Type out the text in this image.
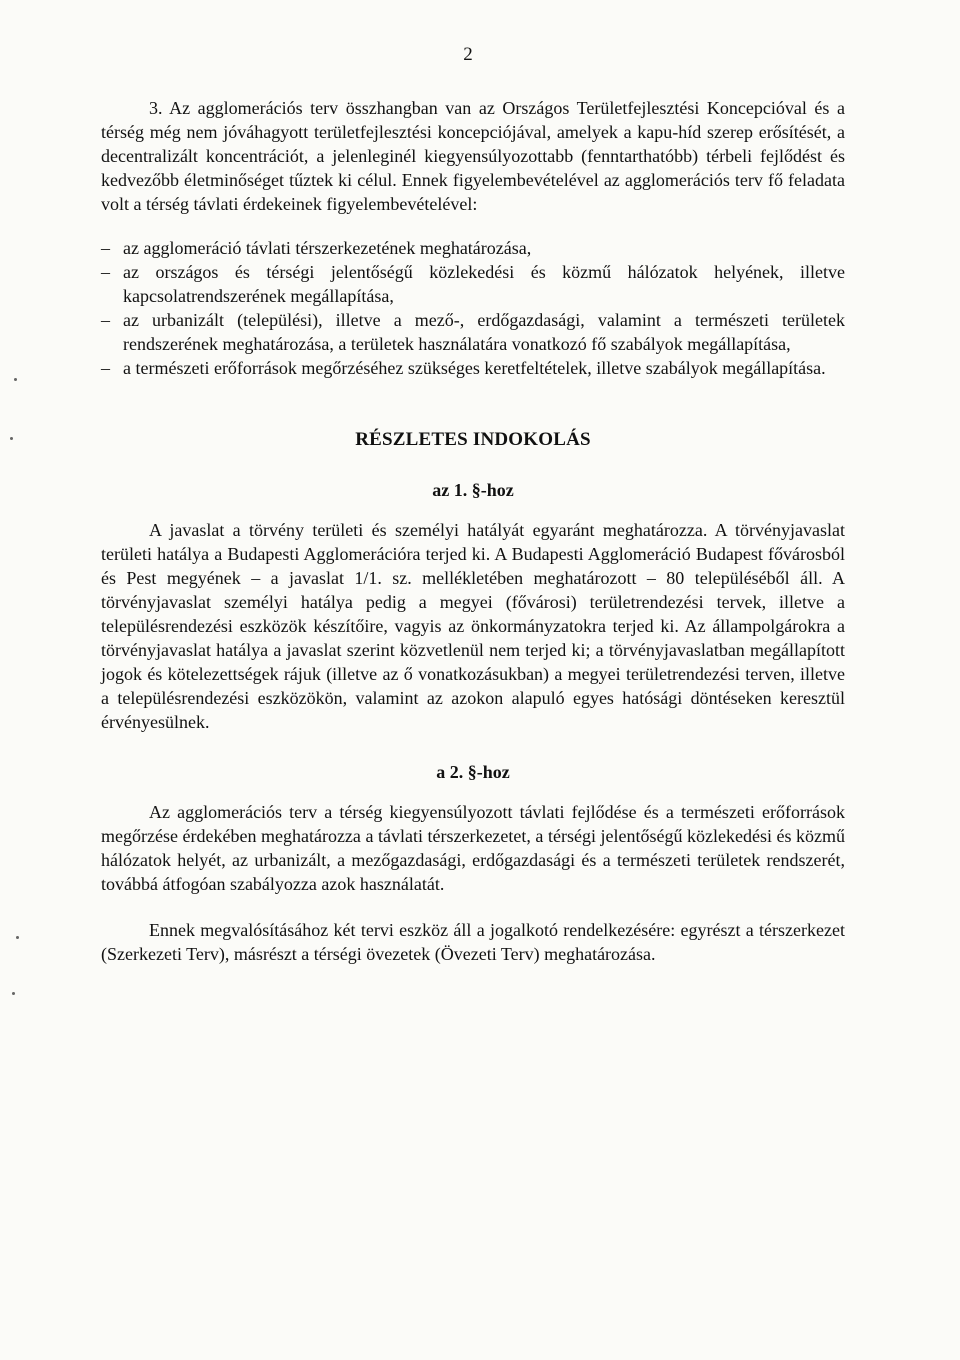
2

3. Az agglomerációs terv összhangban van az Országos Területfejlesztési Koncepcióval és a térség még nem jóváhagyott területfejlesztési koncepciójával, amelyek a kapu-híd szerep erősítését, a decentralizált koncentrációt, a jelenleginél kiegyensúlyozottabb (fenntarthatóbb) térbeli fejlődést és kedvezőbb életminőséget tűztek ki célul. Ennek figyelembevételével az agglomerációs terv fő feladata volt a térség távlati érdekeinek figyelembevételével:

– az agglomeráció távlati térszerkezetének meghatározása,
– az országos és térségi jelentőségű közlekedési és közmű hálózatok helyének, illetve kapcsolatrendszerének megállapítása,
– az urbanizált (települési), illetve a mező-, erdőgazdasági, valamint a természeti területek rendszerének meghatározása, a területek használatára vonatkozó fő szabályok megállapítása,
– a természeti erőforrások megőrzéséhez szükséges keretfeltételek, illetve szabályok megállapítása.
RÉSZLETES INDOKOLÁS
az 1. §-hoz

A javaslat a törvény területi és személyi hatályát egyaránt meghatározza. A törvényjavaslat területi hatálya a Budapesti Agglomerációra terjed ki. A Budapesti Agglomeráció Budapest fővárosból és Pest megyének – a javaslat 1/1. sz. mellékletében meghatározott – 80 településéből áll. A törvényjavaslat személyi hatálya pedig a megyei (fővárosi) területrendezési tervek, illetve a településrendezési eszközök készítőire, vagyis az önkormányzatokra terjed ki. Az állampolgárokra a törvényjavaslat hatálya a javaslat szerint közvetlenül nem terjed ki; a törvényjavaslatban megállapított jogok és kötelezettségek rájuk (illetve az ő vonatkozásukban) a megyei területrendezési terven, illetve a településrendezési eszközökön, valamint az azokon alapuló egyes hatósági döntéseken keresztül érvényesülnek.

a 2. §-hoz

Az agglomerációs terv a térség kiegyensúlyozott távlati fejlődése és a természeti erőforrások megőrzése érdekében meghatározza a távlati térszerkezetet, a térségi jelentőségű közlekedési és közmű hálózatok helyét, az urbanizált, a mezőgazdasági, erdőgazdasági és a természeti területek rendszerét, továbbá átfogóan szabályozza azok használatát.

Ennek megvalósításához két tervi eszköz áll a jogalkotó rendelkezésére: egyrészt a térszerkezet (Szerkezeti Terv), másrészt a térségi övezetek (Övezeti Terv) meghatározása.
